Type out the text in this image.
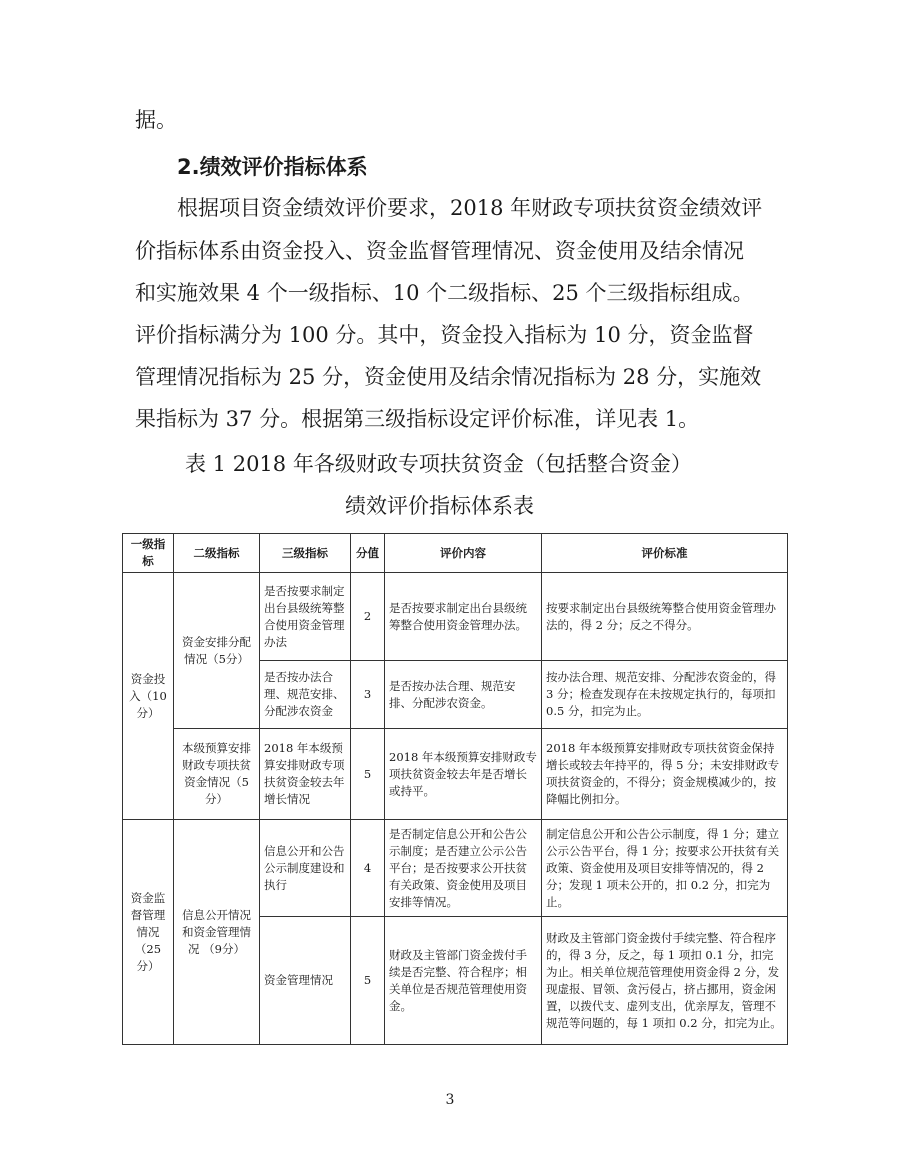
据。

2.绩效评价指标体系

根据项目资金绩效评价要求，2018 年财政专项扶贫资金绩效评

价指标体系由资金投入、资金监督管理情况、资金使用及结余情况

和实施效果 4 个一级指标、10 个二级指标、25 个三级指标组成。

评价指标满分为 100 分。其中，资金投入指标为 10 分，资金监督

管理情况指标为 25 分，资金使用及结余情况指标为 28 分，实施效

果指标为 37 分。根据第三级指标设定评价标准，详见表 1。

表 1 2018 年各级财政专项扶贫资金（包括整合资金）

绩效评价指标体系表

一级指标	二级指标	三级指标	分值	评价内容	评价标准
资金投入（10分）	资金安排分配情况（5分）	是否按要求制定出台县级统筹整合使用资金管理办法	2	是否按要求制定出台县级统筹整合使用资金管理办法。	按要求制定出台县级统筹整合使用资金管理办法的，得 2 分；反之不得分。
		是否按办法合理、规范安排、分配涉农资金	3	是否按办法合理、规范安排、分配涉农资金。	按办法合理、规范安排、分配涉农资金的，得 3 分；检查发现存在未按规定执行的，每项扣 0.5 分，扣完为止。
	本级预算安排财政专项扶贫资金情况（5分）	2018 年本级预算安排财政专项扶贫资金较去年增长情况	5	2018 年本级预算安排财政专项扶贫资金较去年是否增长或持平。	2018 年本级预算安排财政专项扶贫资金保持增长或较去年持平的，得 5 分；未安排财政专项扶贫资金的，不得分；资金规模减少的，按降幅比例扣分。
资金监督管理情况（25分）	信息公开情况和资金管理情况 （9分）	信息公开和公告公示制度建设和执行	4	是否制定信息公开和公告公示制度；是否建立公示公告平台；是否按要求公开扶贫有关政策、资金使用及项目安排等情况。	制定信息公开和公告公示制度，得 1 分；建立公示公告平台，得 1 分；按要求公开扶贫有关政策、资金使用及项目安排等情况的，得 2 分；发现 1 项未公开的，扣 0.2 分，扣完为止。
		资金管理情况	5	财政及主管部门资金拨付手续是否完整、符合程序；相关单位是否规范管理使用资金。	财政及主管部门资金拨付手续完整、符合程序的，得 3 分，反之，每 1 项扣 0.1 分，扣完为止。相关单位规范管理使用资金得 2 分，发现虚报、冒领、贪污侵占，挤占挪用，资金闲置，以拨代支、虚列支出，优亲厚友，管理不规范等问题的，每 1 项扣 0.2 分，扣完为止。

3
